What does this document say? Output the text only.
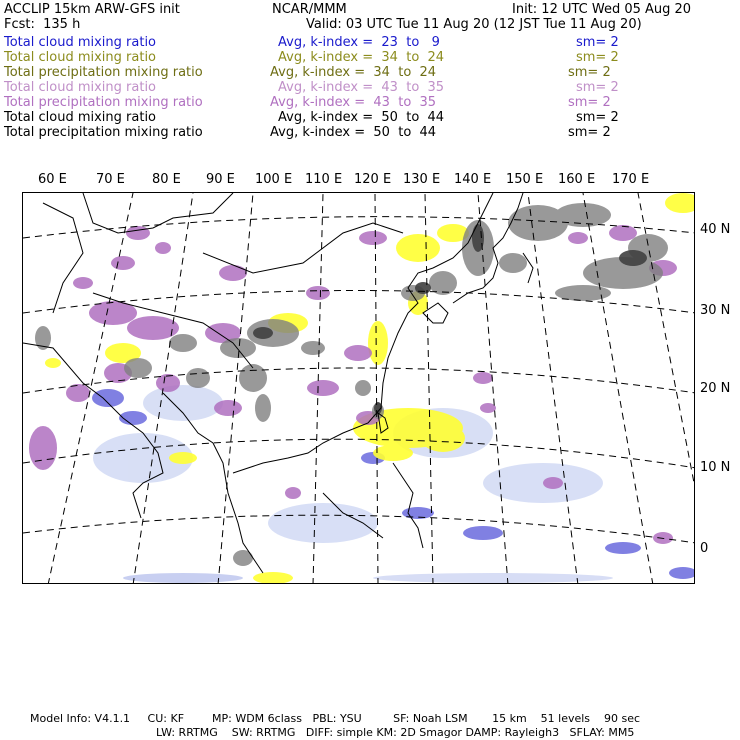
ACCLIP 15km ARW-GFS init	NCAR/MMM	Init: 12 UTC Wed 05 Aug 20
Fcst:  135 h	Valid: 03 UTC Tue 11 Aug 20 (12 JST Tue 11 Aug 20)
Total cloud mixing ratio	Avg, k-index =  23  to   9	sm= 2
Total cloud mixing ratio	Avg, k-index =  34  to  24	sm= 2
Total precipitation mixing ratio	Avg, k-index =  34  to  24	sm= 2
Total cloud mixing ratio	Avg, k-index =  43  to  35	sm= 2
Total precipitation mixing ratio	Avg, k-index =  43  to  35	sm= 2
Total cloud mixing ratio	Avg, k-index =  50  to  44	sm= 2
Total precipitation mixing ratio	Avg, k-index =  50  to  44	sm= 2
60 E 70 E 80 E 90 E 100 E 110 E 120 E 130 E 140 E 150 E 160 E 170 E
40 N
30 N
20 N
10 N
0
Model Info: V4.1.1     CU: KF        MP: WDM 6class   PBL: YSU         SF: Noah LSM       15 km    51 levels    90 sec
LW: RRTMG    SW: RRTMG   DIFF: simple KM: 2D Smagor DAMP: Rayleigh3   SFLAY: MM5
